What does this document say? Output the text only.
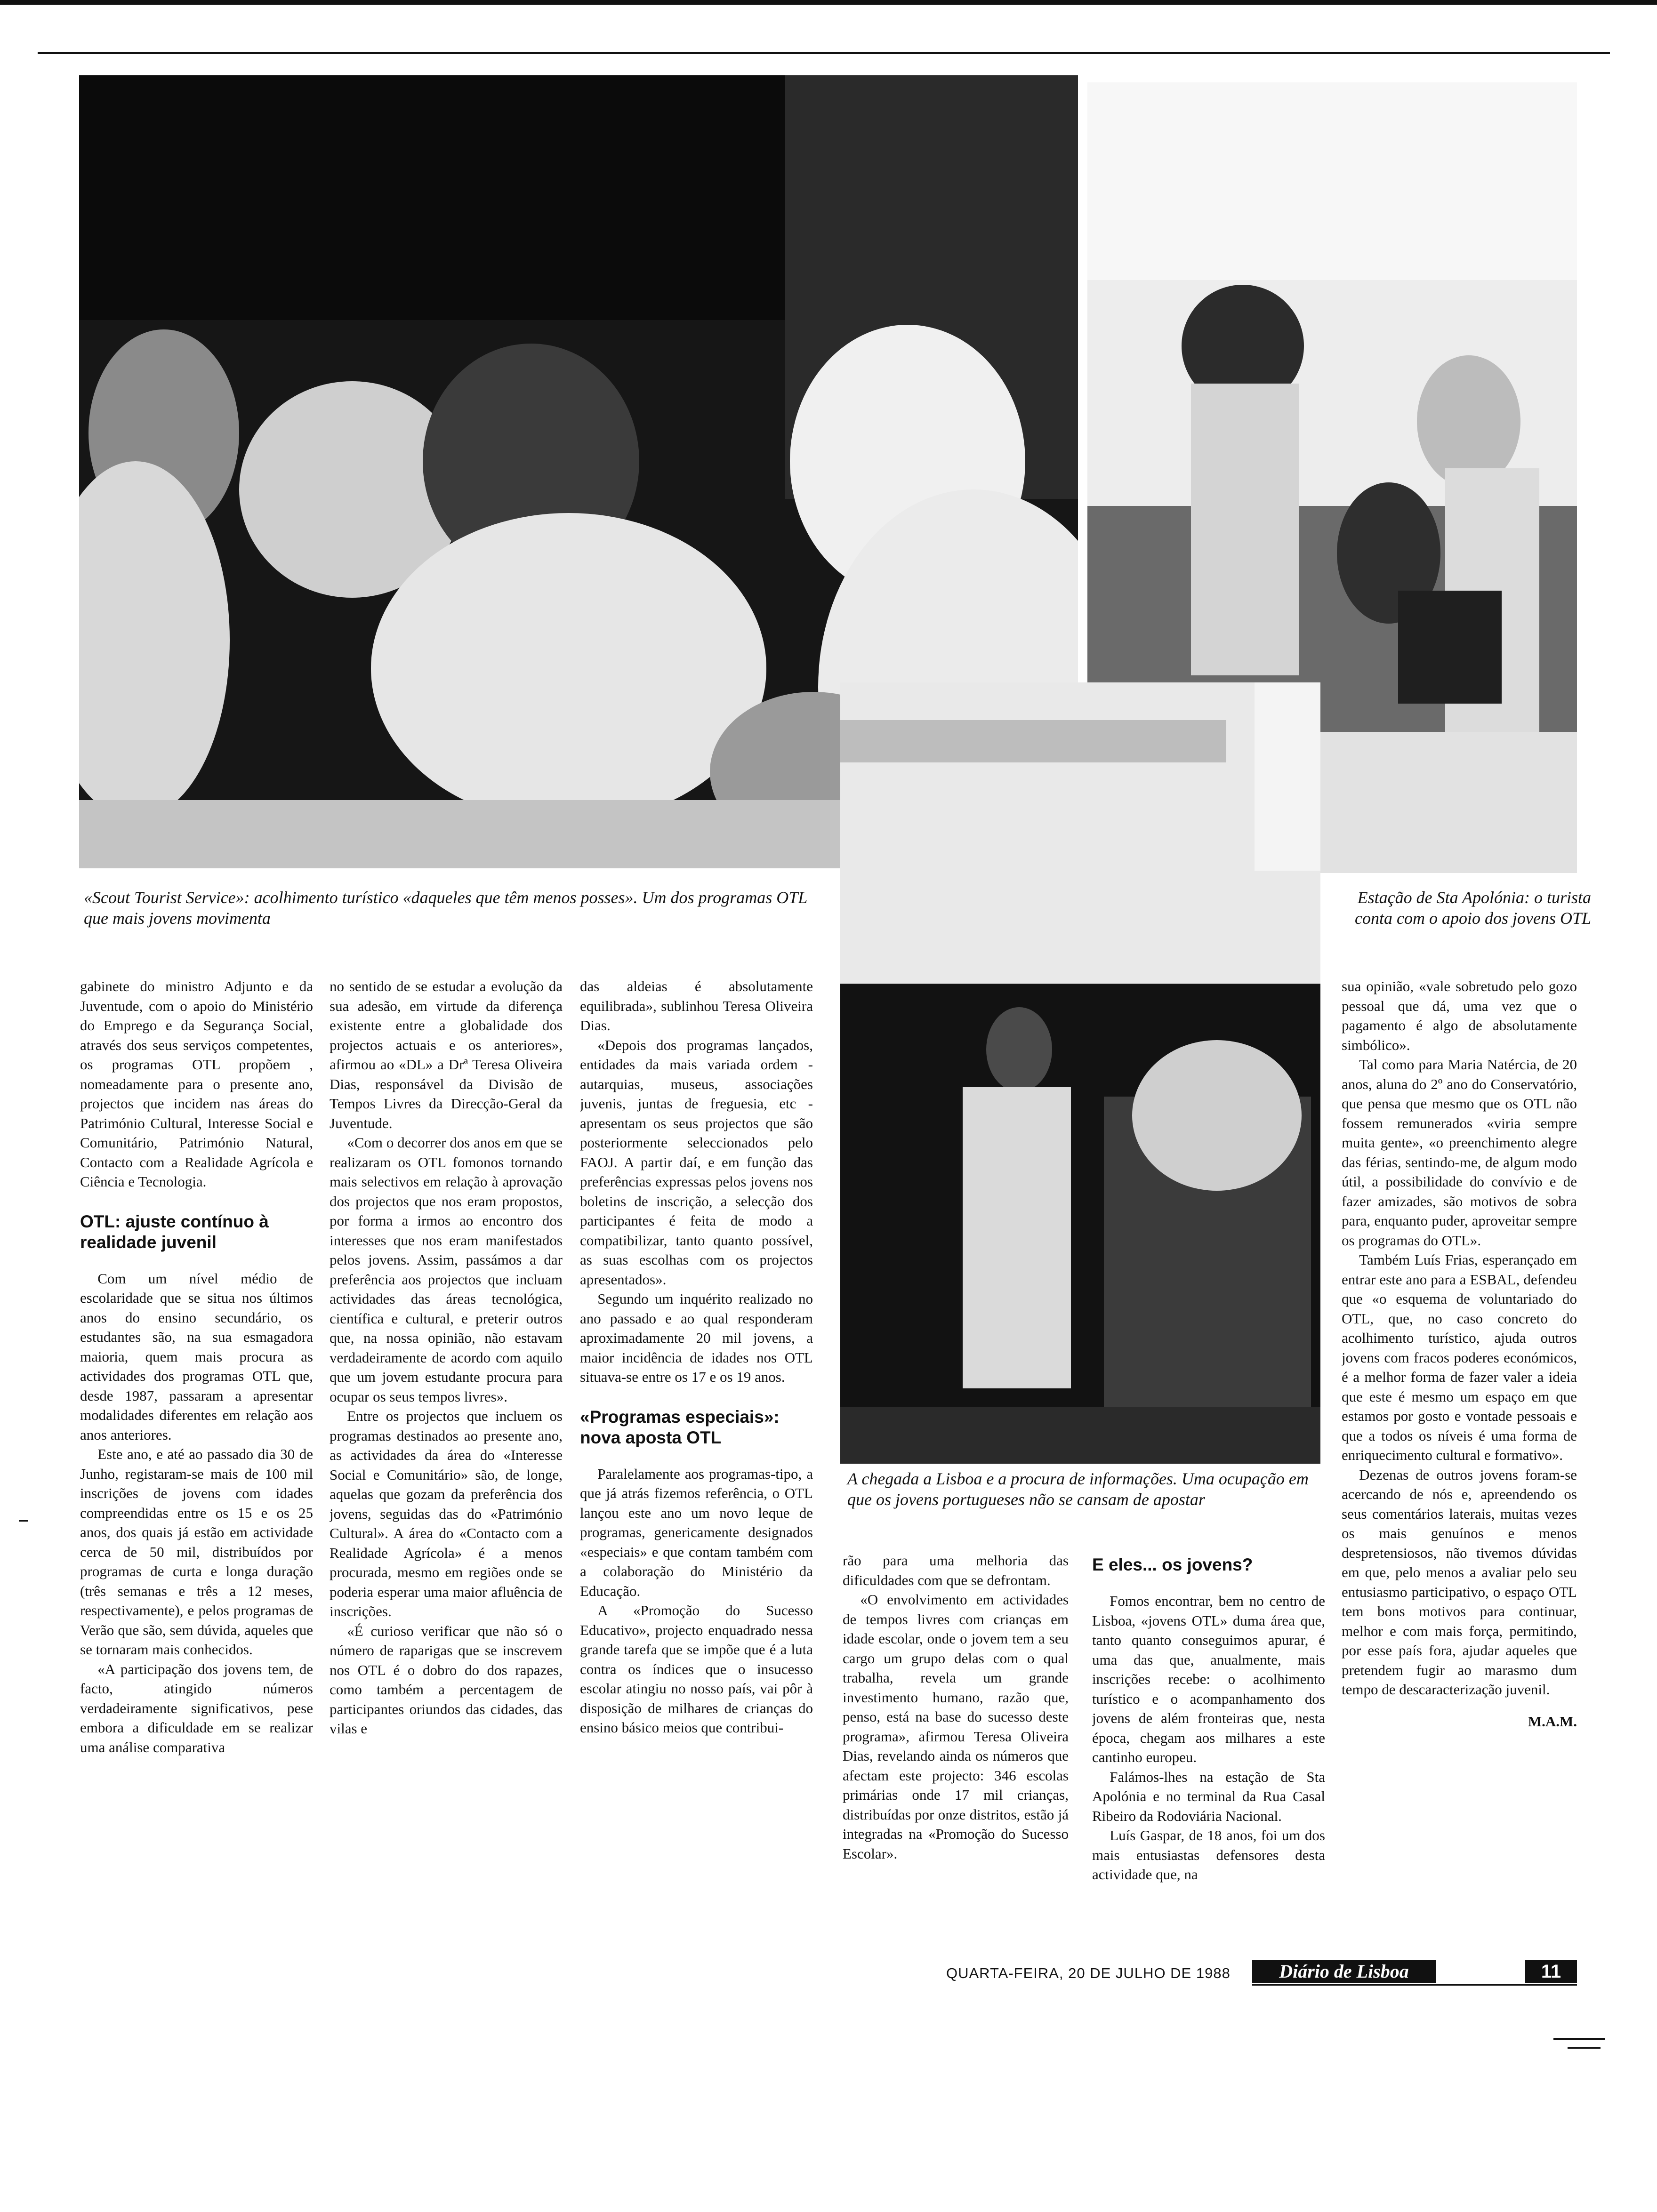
«Scout Tourist Service»: acolhimento turístico «daqueles que têm menos posses». Um dos programas OTL que mais jovens movimenta
A chegada a Lisboa e a procura de informações. Uma ocupação em que os jovens portugueses não se cansam de apostar
Estação de Sta Apolónia: o turista conta com o apoio dos jovens OTL

gabinete do ministro Adjunto e da Juventude, com o apoio do Ministério do Emprego e da Segurança Social, através dos seus serviços competentes, os programas OTL propõem , nomeadamente para o presente ano, projectos que incidem nas áreas do Património Cultural, Interesse Social e Comunitário, Património Natural, Contacto com a Realidade Agrícola e Ciência e Tecnologia.

OTL: ajuste contínuo à realidade juvenil

Com um nível médio de escolaridade que se situa nos últimos anos do ensino secundário, os estudantes são, na sua esmagadora maioria, quem mais procura as actividades dos programas OTL que, desde 1987, passaram a apresentar modalidades diferentes em relação aos anos anteriores.

Este ano, e até ao passado dia 30 de Junho, registaram-se mais de 100 mil inscrições de jovens com idades compreendidas entre os 15 e os 25 anos, dos quais já estão em actividade cerca de 50 mil, distribuídos por programas de curta e longa duração (três semanas e três a 12 meses, respectivamente), e pelos programas de Verão que são, sem dúvida, aqueles que se tornaram mais conhecidos.

«A participação dos jovens tem, de facto, atingido números verdadeiramente significativos, pese embora a dificuldade em se realizar uma análise comparativa

no sentido de se estudar a evolução da sua adesão, em virtude da diferença existente entre a globalidade dos projectos actuais e os anteriores», afirmou ao «DL» a Drª Teresa Oliveira Dias, responsável da Divisão de Tempos Livres da Direcção-Geral da Juventude.

«Com o decorrer dos anos em que se realizaram os OTL fomonos tornando mais selectivos em relação à aprovação dos projectos que nos eram propostos, por forma a irmos ao encontro dos interesses que nos eram manifestados pelos jovens. Assim, passámos a dar preferência aos projectos que incluam actividades das áreas tecnológica, científica e cultural, e preterir outros que, na nossa opinião, não estavam verdadeiramente de acordo com aquilo que um jovem estudante procura para ocupar os seus tempos livres».

Entre os projectos que incluem os programas destinados ao presente ano, as actividades da área do «Interesse Social e Comunitário» são, de longe, aquelas que gozam da preferência dos jovens, seguidas das do «Património Cultural». A área do «Contacto com a Realidade Agrícola» é a menos procurada, mesmo em regiões onde se poderia esperar uma maior afluência de inscrições.

«É curioso verificar que não só o número de raparigas que se inscrevem nos OTL é o dobro do dos rapazes, como também a percentagem de participantes oriundos das cidades, das vilas e

das aldeias é absolutamente equilibrada», sublinhou Teresa Oliveira Dias.

«Depois dos programas lançados, entidades da mais variada ordem - autarquias, museus, associações juvenis, juntas de freguesia, etc - apresentam os seus projectos que são posteriormente seleccionados pelo FAOJ. A partir daí, e em função das preferências expressas pelos jovens nos boletins de inscrição, a selecção dos participantes é feita de modo a compatibilizar, tanto quanto possível, as suas escolhas com os projectos apresentados».

Segundo um inquérito realizado no ano passado e ao qual responderam aproximadamente 20 mil jovens, a maior incidência de idades nos OTL situava-se entre os 17 e os 19 anos.

«Programas especiais»: nova aposta OTL

Paralelamente aos programas-tipo, a que já atrás fizemos referência, o OTL lançou este ano um novo leque de programas, genericamente designados «especiais» e que contam também com a colaboração do Ministério da Educação.

A «Promoção do Sucesso Educativo», projecto enquadrado nessa grande tarefa que se impõe que é a luta contra os índices que o insucesso escolar atingiu no nosso país, vai pôr à disposição de milhares de crianças do ensino básico meios que contribui-

rão para uma melhoria das dificuldades com que se defrontam.

«O envolvimento em actividades de tempos livres com crianças em idade escolar, onde o jovem tem a seu cargo um grupo delas com o qual trabalha, revela um grande investimento humano, razão que, penso, está na base do sucesso deste programa», afirmou Teresa Oliveira Dias, revelando ainda os números que afectam este projecto: 346 escolas primárias onde 17 mil crianças, distribuídas por onze distritos, estão já integradas na «Promoção do Sucesso Escolar».

E eles... os jovens?

Fomos encontrar, bem no centro de Lisboa, «jovens OTL» duma área que, tanto quanto conseguimos apurar, é uma das que, anualmente, mais inscrições recebe: o acolhimento turístico e o acompanhamento dos jovens de além fronteiras que, nesta época, chegam aos milhares a este cantinho europeu.

Falámos-lhes na estação de Sta Apolónia e no terminal da Rua Casal Ribeiro da Rodoviária Nacional.

Luís Gaspar, de 18 anos, foi um dos mais entusiastas defensores desta actividade que, na

sua opinião, «vale sobretudo pelo gozo pessoal que dá, uma vez que o pagamento é algo de absolutamente simbólico».

Tal como para Maria Natércia, de 20 anos, aluna do 2º ano do Conservatório, que pensa que mesmo que os OTL não fossem remunerados «viria sempre muita gente», «o preenchimento alegre das férias, sentindo-me, de algum modo útil, a possibilidade do convívio e de fazer amizades, são motivos de sobra para, enquanto puder, aproveitar sempre os programas do OTL».

Também Luís Frias, esperançado em entrar este ano para a ESBAL, defendeu que «o esquema de voluntariado do OTL, que, no caso concreto do acolhimento turístico, ajuda outros jovens com fracos poderes económicos, é a melhor forma de fazer valer a ideia que este é mesmo um espaço em que estamos por gosto e vontade pessoais e que a todos os níveis é uma forma de enriquecimento cultural e formativo».

Dezenas de outros jovens foram-se acercando de nós e, apreendendo os seus comentários laterais, muitas vezes os mais genuínos e menos despretensiosos, não tivemos dúvidas em que, pelo menos a avaliar pelo seu entusiasmo participativo, o espaço OTL tem bons motivos para continuar, melhor e com mais força, permitindo, por esse país fora, ajudar aqueles que pretendem fugir ao marasmo dum tempo de descaracterização juvenil.

M.A.M.
QUARTA-FEIRA, 20 DE JULHO DE 1988	Diário de Lisboa	11
